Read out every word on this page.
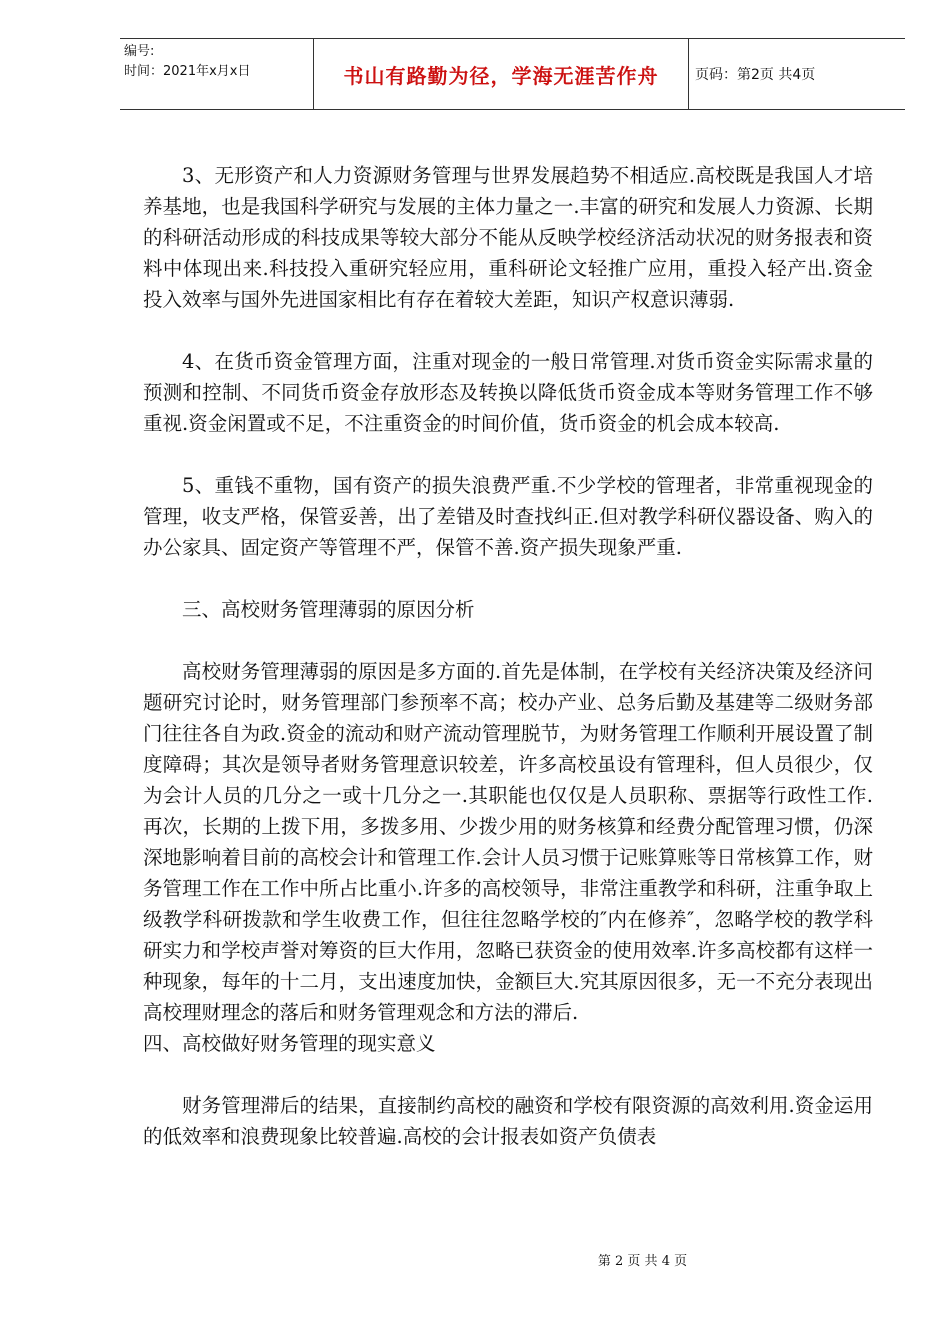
编号:
时间：2021年x月x日	书山有路勤为径，学海无涯苦作舟	页码：第2页 共4页

3、无形资产和人力资源财务管理与世界发展趋势不相适应.高校既是我国人才培养基地，也是我国科学研究与发展的主体力量之一.丰富的研究和发展人力资源、长期的科研活动形成的科技成果等较大部分不能从反映学校经济活动状况的财务报表和资料中体现出来.科技投入重研究轻应用，重科研论文轻推广应用，重投入轻产出.资金投入效率与国外先进国家相比有存在着较大差距，知识产权意识薄弱.

4、在货币资金管理方面，注重对现金的一般日常管理.对货币资金实际需求量的预测和控制、不同货币资金存放形态及转换以降低货币资金成本等财务管理工作不够重视.资金闲置或不足，不注重资金的时间价值，货币资金的机会成本较高.

5、重钱不重物，国有资产的损失浪费严重.不少学校的管理者，非常重视现金的管理，收支严格，保管妥善，出了差错及时查找纠正.但对教学科研仪器设备、购入的办公家具、固定资产等管理不严，保管不善.资产损失现象严重.

三、高校财务管理薄弱的原因分析

高校财务管理薄弱的原因是多方面的.首先是体制，在学校有关经济决策及经济问题研究讨论时，财务管理部门参预率不高；校办产业、总务后勤及基建等二级财务部门往往各自为政.资金的流动和财产流动管理脱节，为财务管理工作顺利开展设置了制度障碍；其次是领导者财务管理意识较差，许多高校虽设有管理科，但人员很少，仅为会计人员的几分之一或十几分之一.其职能也仅仅是人员职称、票据等行政性工作.再次，长期的上拨下用，多拨多用、少拨少用的财务核算和经费分配管理习惯，仍深深地影响着目前的高校会计和管理工作.会计人员习惯于记账算账等日常核算工作，财务管理工作在工作中所占比重小.许多的高校领导，非常注重教学和科研，注重争取上级教学科研拨款和学生收费工作，但往往忽略学校的″内在修养″，忽略学校的教学科研实力和学校声誉对筹资的巨大作用，忽略已获资金的使用效率.许多高校都有这样一种现象，每年的十二月，支出速度加快，金额巨大.究其原因很多，无一不充分表现出高校理财理念的落后和财务管理观念和方法的滞后.

四、高校做好财务管理的现实意义

财务管理滞后的结果，直接制约高校的融资和学校有限资源的高效利用.资金运用的低效率和浪费现象比较普遍.高校的会计报表如资产负债表

第 2 页 共 4 页
